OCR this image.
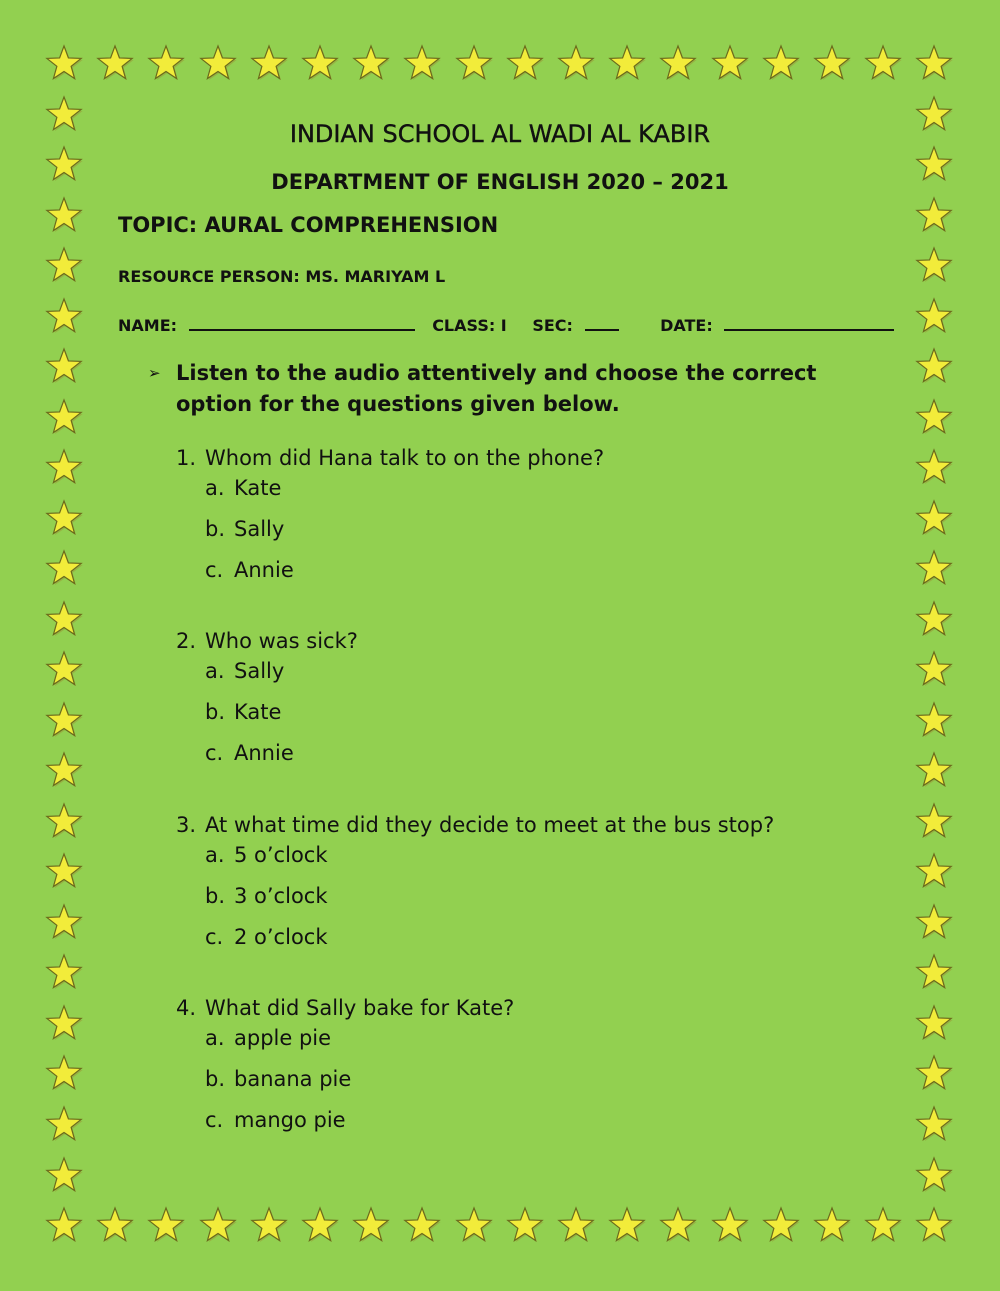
INDIAN SCHOOL AL WADI AL KABIR
DEPARTMENT OF ENGLISH 2020 – 2021
TOPIC: AURAL COMPREHENSION
RESOURCE PERSON: MS. MARIYAM L
NAME:	CLASS: I SEC:	DATE:
➢ Listen to the audio attentively and choose the correct option for the questions given below.
1. Whom did Hana talk to on the phone?
a. Kate
b. Sally
c. Annie
2. Who was sick?
a. Sally
b. Kate
c. Annie
3. At what time did they decide to meet at the bus stop?
a. 5 o’clock
b. 3 o’clock
c. 2 o’clock
4. What did Sally bake for Kate?
a. apple pie
b. banana pie
c. mango pie
